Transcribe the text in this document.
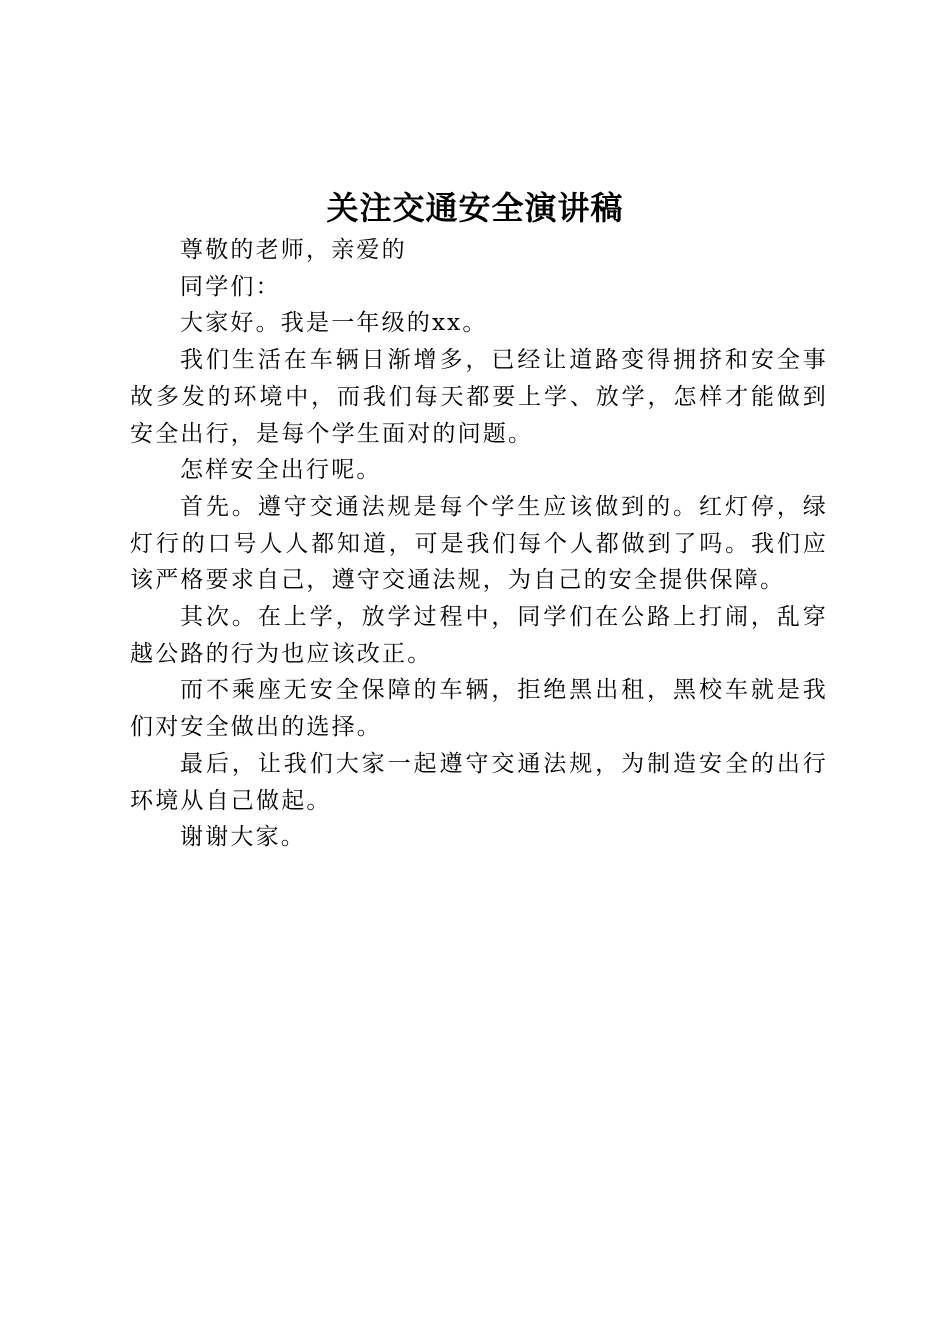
关注交通安全演讲稿

尊敬的老师，亲爱的

同学们：

大家好。我是一年级的xx。

我们生活在车辆日渐增多，已经让道路变得拥挤和安全事故多发的环境中，而我们每天都要上学、放学，怎样才能做到安全出行，是每个学生面对的问题。

怎样安全出行呢。

首先。遵守交通法规是每个学生应该做到的。红灯停，绿灯行的口号人人都知道，可是我们每个人都做到了吗。我们应该严格要求自己，遵守交通法规，为自己的安全提供保障。

其次。在上学，放学过程中，同学们在公路上打闹，乱穿越公路的行为也应该改正。

而不乘座无安全保障的车辆，拒绝黑出租，黑校车就是我们对安全做出的选择。

最后，让我们大家一起遵守交通法规，为制造安全的出行环境从自己做起。

谢谢大家。
